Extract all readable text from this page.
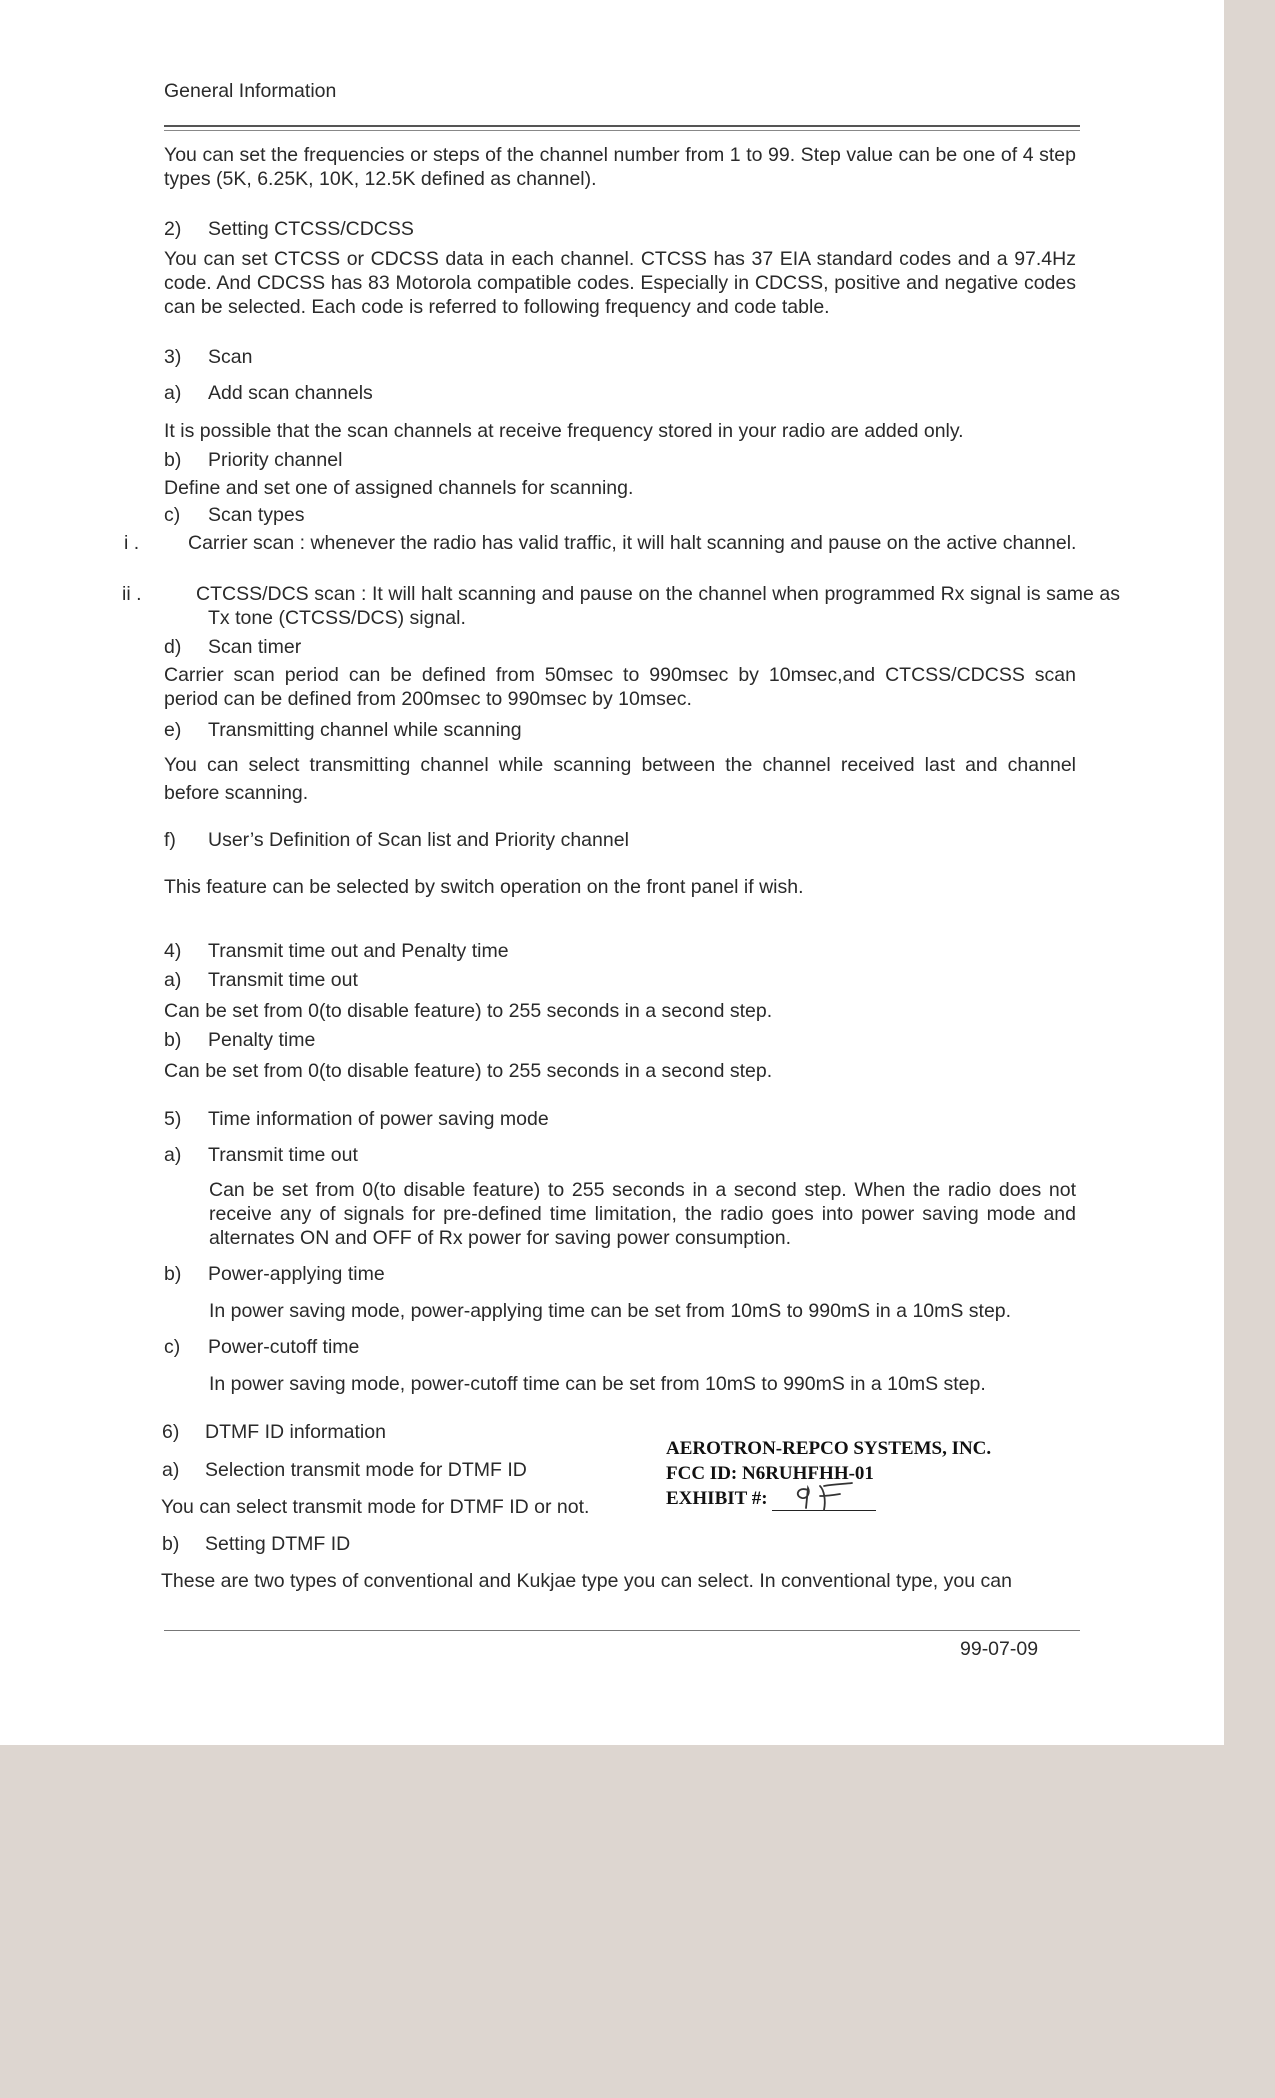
General Information
You can set the frequencies or steps of the channel number from 1 to 99. Step value can be one of 4 step types (5K, 6.25K, 10K, 12.5K defined as channel).
2) Setting CTCSS/CDCSS
You can set CTCSS or CDCSS data in each channel. CTCSS has 37 EIA standard codes and a 97.4Hz code. And CDCSS has 83 Motorola compatible codes. Especially in CDCSS, positive and negative codes can be selected. Each code is referred to following frequency and code table.
3) Scan
a) Add scan channels
It is possible that the scan channels at receive frequency stored in your radio are added only.
b) Priority channel
Define and set one of assigned channels for scanning.
c) Scan types
i .	Carrier scan : whenever the radio has valid traffic, it will halt scanning and pause on the active channel.
ii .	CTCSS/DCS scan : It will halt scanning and pause on the channel when programmed Rx signal is same as Tx tone (CTCSS/DCS) signal.
d) Scan timer
Carrier scan period can be defined from 50msec to 990msec by 10msec,and CTCSS/CDCSS scan period can be defined from 200msec to 990msec by 10msec.
e) Transmitting channel while scanning
You can select transmitting channel while scanning between the channel received last and channel before scanning.
f) User’s Definition of Scan list and Priority channel
This feature can be selected by switch operation on the front panel if wish.
4) Transmit time out and Penalty time
a) Transmit time out
Can be set from 0(to disable feature) to 255 seconds in a second step.
b) Penalty time
Can be set from 0(to disable feature) to 255 seconds in a second step.
5) Time information of power saving mode
a) Transmit time out
Can be set from 0(to disable feature) to 255 seconds in a second step. When the radio does not receive any of signals for pre-defined time limitation, the radio goes into power saving mode and alternates ON and OFF of Rx power for saving power consumption.
b) Power-applying time
In power saving mode, power-applying time can be set from 10mS to 990mS in a 10mS step.
c) Power-cutoff time
In power saving mode, power-cutoff time can be set from 10mS to 990mS in a 10mS step.
6) DTMF ID information
a) Selection transmit mode for DTMF ID
You can select transmit mode for DTMF ID or not.
b) Setting DTMF ID
These are two types of conventional and Kukjae type you can select. In conventional type, you can
99-07-09
AEROTRON-REPCO SYSTEMS, INC.
FCC ID: N6RUHFHH-01
EXHIBIT #:
